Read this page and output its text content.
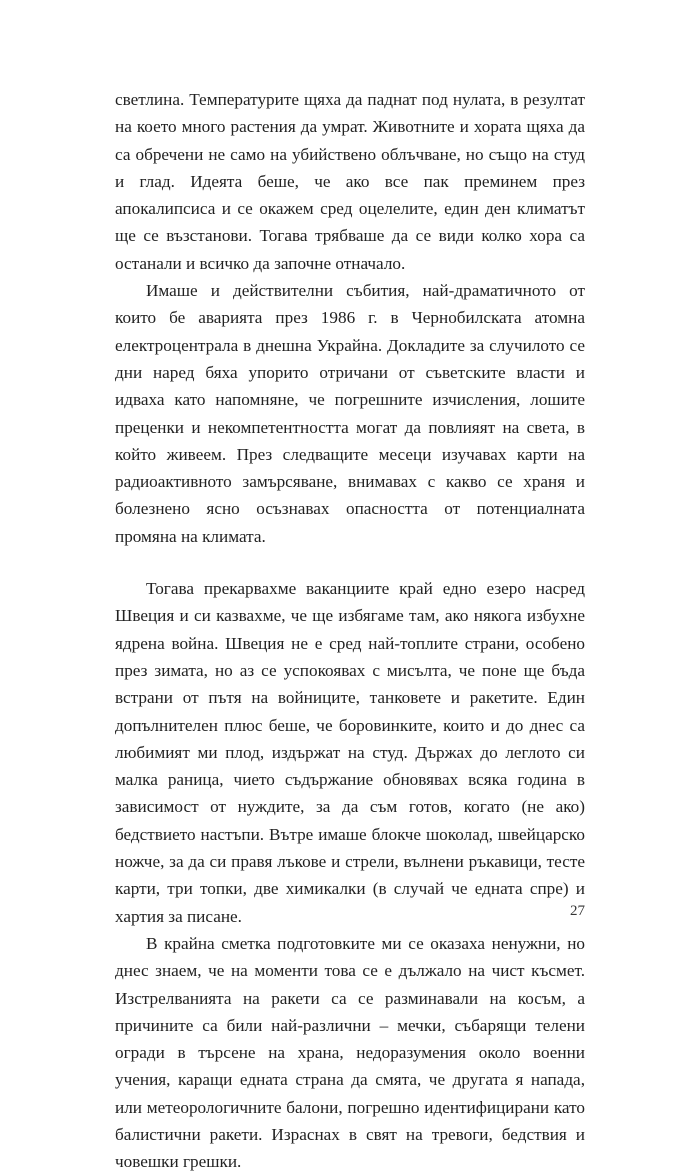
светлина. Температурите щяха да паднат под нулата, в резултат на което много растения да умрат. Животните и хората щяха да са обречени не само на убийствено облъчване, но също на студ и глад. Идеята беше, че ако все пак преминем през апокалипсиса и се окажем сред оцелелите, един ден климатът ще се възстанови. Тогава трябваше да се види колко хора са останали и всичко да започне отначало.

Имаше и действителни събития, най-драматичното от които бе аварията през 1986 г. в Чернобилската атомна електроцентрала в днешна Украйна. Докладите за случилото се дни наред бяха упорито отричани от съветските власти и идваха като напомняне, че погрешните изчисления, лошите преценки и некомпетентността могат да повлияят на света, в който живеем. През следващите месеци изучавах карти на радиоактивното замърсяване, внимавах с какво се храня и болезнено ясно осъзнавах опасността от потенциалната промяна на климата.

Тогава прекарвахме ваканциите край едно езеро насред Швеция и си казвахме, че ще избягаме там, ако някога избухне ядрена война. Швеция не е сред най-топлите страни, особено през зимата, но аз се успокоявах с мисълта, че поне ще бъда встрани от пътя на войниците, танковете и ракетите. Един допълнителен плюс беше, че боровинките, които и до днес са любимият ми плод, издържат на студ. Държах до леглото си малка раница, чието съдържание обновявах всяка година в зависимост от нуждите, за да съм готов, когато (не ако) бедствието настъпи. Вътре имаше блокче шоколад, швейцарско ножче, за да си правя лъкове и стрели, вълнени ръкавици, тесте карти, три топки, две химикалки (в случай че едната спре) и хартия за писане.

В крайна сметка подготовките ми се оказаха ненужни, но днес знаем, че на моменти това се е дължало на чист късмет. Изстрелванията на ракети са се разминавали на косъм, а причините са били най-различни – мечки, събарящи телени огради в търсене на храна, недоразумения около военни учения, каращи едната страна да смята, че другата я напада, или метеорологичните балони, погрешно идентифицирани като балистични ракети. Израснах в свят на тревоги, бедствия и човешки грешки.

27
